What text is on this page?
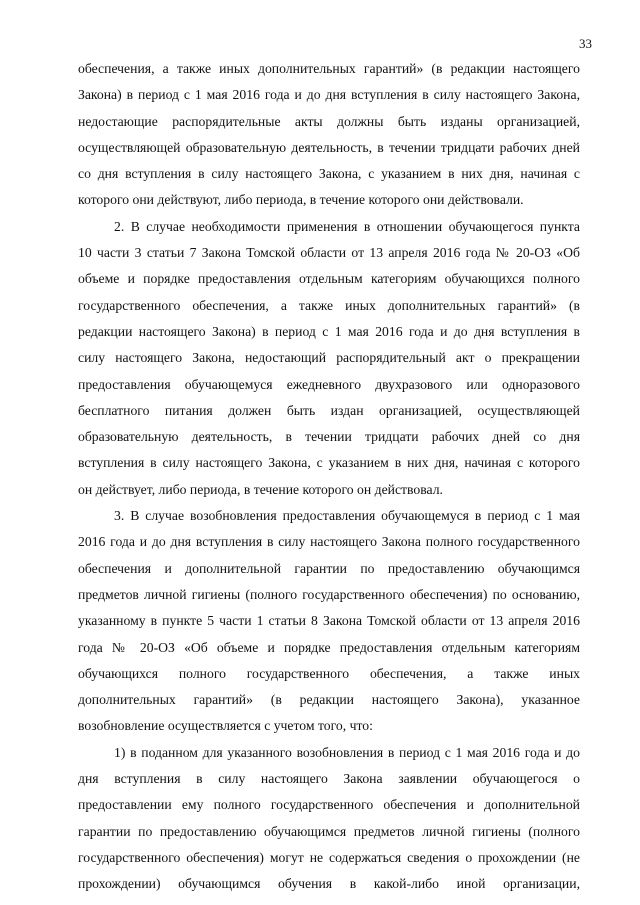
33
обеспечения, а также иных дополнительных гарантий» (в редакции настоящего
Закона) в период с 1 мая 2016 года и до дня вступления в силу настоящего Закона,
недостающие распорядительные акты должны быть изданы организацией,
осуществляющей образовательную деятельность, в течении тридцати рабочих дней
со дня вступления в силу настоящего Закона, с указанием в них дня, начиная с
которого они действуют, либо периода, в течение которого они действовали.
2. В случае необходимости применения в отношении обучающегося пункта
10 части 3 статьи 7 Закона Томской области от 13 апреля 2016 года № 20-ОЗ «Об
объеме и порядке предоставления отдельным категориям обучающихся полного
государственного обеспечения, а также иных дополнительных гарантий» (в
редакции настоящего Закона) в период с 1 мая 2016 года и до дня вступления в
силу настоящего Закона, недостающий распорядительный акт о прекращении
предоставления обучающемуся ежедневного двухразового или одноразового
бесплатного питания должен быть издан организацией, осуществляющей
образовательную деятельность, в течении тридцати рабочих дней со дня
вступления в силу настоящего Закона, с указанием в них дня, начиная с которого
он действует, либо периода, в течение которого он действовал.
3. В случае возобновления предоставления обучающемуся в период с 1 мая
2016 года и до дня вступления в силу настоящего Закона полного государственного
обеспечения и дополнительной гарантии по предоставлению обучающимся
предметов личной гигиены (полного государственного обеспечения) по основанию,
указанному в пункте 5 части 1 статьи 8 Закона Томской области от 13 апреля 2016
года № 20-ОЗ «Об объеме и порядке предоставления отдельным категориям
обучающихся полного государственного обеспечения, а также иных
дополнительных гарантий» (в редакции настоящего Закона), указанное
возобновление осуществляется с учетом того, что:
1) в поданном для указанного возобновления в период с 1 мая 2016 года и до
дня вступления в силу настоящего Закона заявлении обучающегося о
предоставлении ему полного государственного обеспечения и дополнительной
гарантии по предоставлению обучающимся предметов личной гигиены (полного
государственного обеспечения) могут не содержаться сведения о прохождении (не
прохождении) обучающимся обучения в какой-либо иной организации,
